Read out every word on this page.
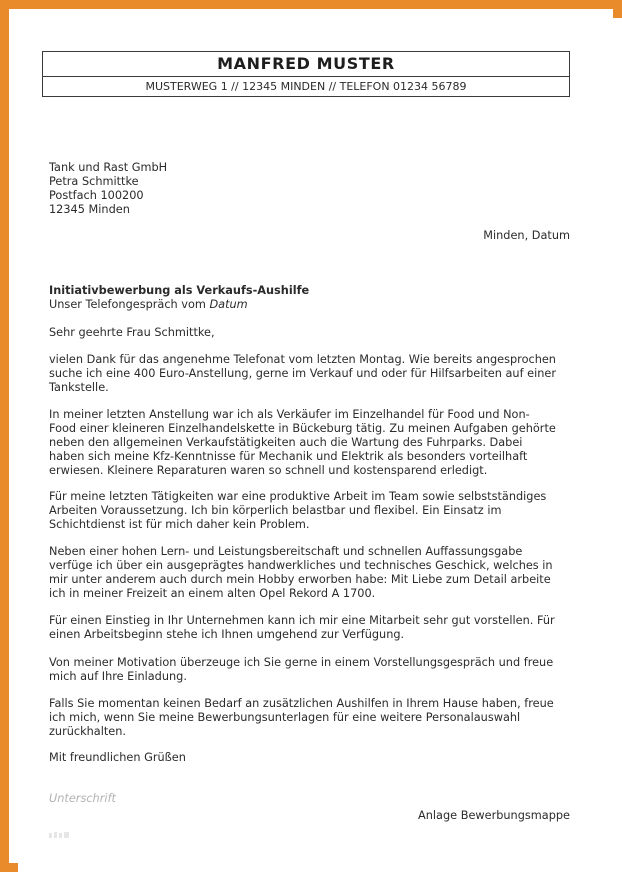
MANFRED MUSTER
MUSTERWEG 1 // 12345 MINDEN // TELEFON 01234 56789

Tank und Rast GmbH

Petra Schmittke

Postfach 100200

12345 Minden

Minden, Datum

Initiativbewerbung als Verkaufs-Aushilfe

Unser Telefongespräch vom Datum

Sehr geehrte Frau Schmittke,

vielen Dank für das angenehme Telefonat vom letzten Montag. Wie bereits angesprochen

suche ich eine 400 Euro-Anstellung, gerne im Verkauf und oder für Hilfsarbeiten auf einer

Tankstelle.

In meiner letzten Anstellung war ich als Verkäufer im Einzelhandel für Food und Non-

Food einer kleineren Einzelhandelskette in Bückeburg tätig. Zu meinen Aufgaben gehörte

neben den allgemeinen Verkaufstätigkeiten auch die Wartung des Fuhrparks. Dabei

haben sich meine Kfz-Kenntnisse für Mechanik und Elektrik als besonders vorteilhaft

erwiesen. Kleinere Reparaturen waren so schnell und kostensparend erledigt.

Für meine letzten Tätigkeiten war eine produktive Arbeit im Team sowie selbstständiges

Arbeiten Voraussetzung. Ich bin körperlich belastbar und flexibel. Ein Einsatz im

Schichtdienst ist für mich daher kein Problem.

Neben einer hohen Lern- und Leistungsbereitschaft und schnellen Auffassungsgabe

verfüge ich über ein ausgeprägtes handwerkliches und technisches Geschick, welches in

mir unter anderem auch durch mein Hobby erworben habe: Mit Liebe zum Detail arbeite

ich in meiner Freizeit an einem alten Opel Rekord A 1700.

Für einen Einstieg in Ihr Unternehmen kann ich mir eine Mitarbeit sehr gut vorstellen. Für

einen Arbeitsbeginn stehe ich Ihnen umgehend zur Verfügung.

Von meiner Motivation überzeuge ich Sie gerne in einem Vorstellungsgespräch und freue

mich auf Ihre Einladung.

Falls Sie momentan keinen Bedarf an zusätzlichen Aushilfen in Ihrem Hause haben, freue

ich mich, wenn Sie meine Bewerbungsunterlagen für eine weitere Personalauswahl

zurückhalten.

Mit freundlichen Grüßen
Unterschrift
Anlage Bewerbungsmappe
